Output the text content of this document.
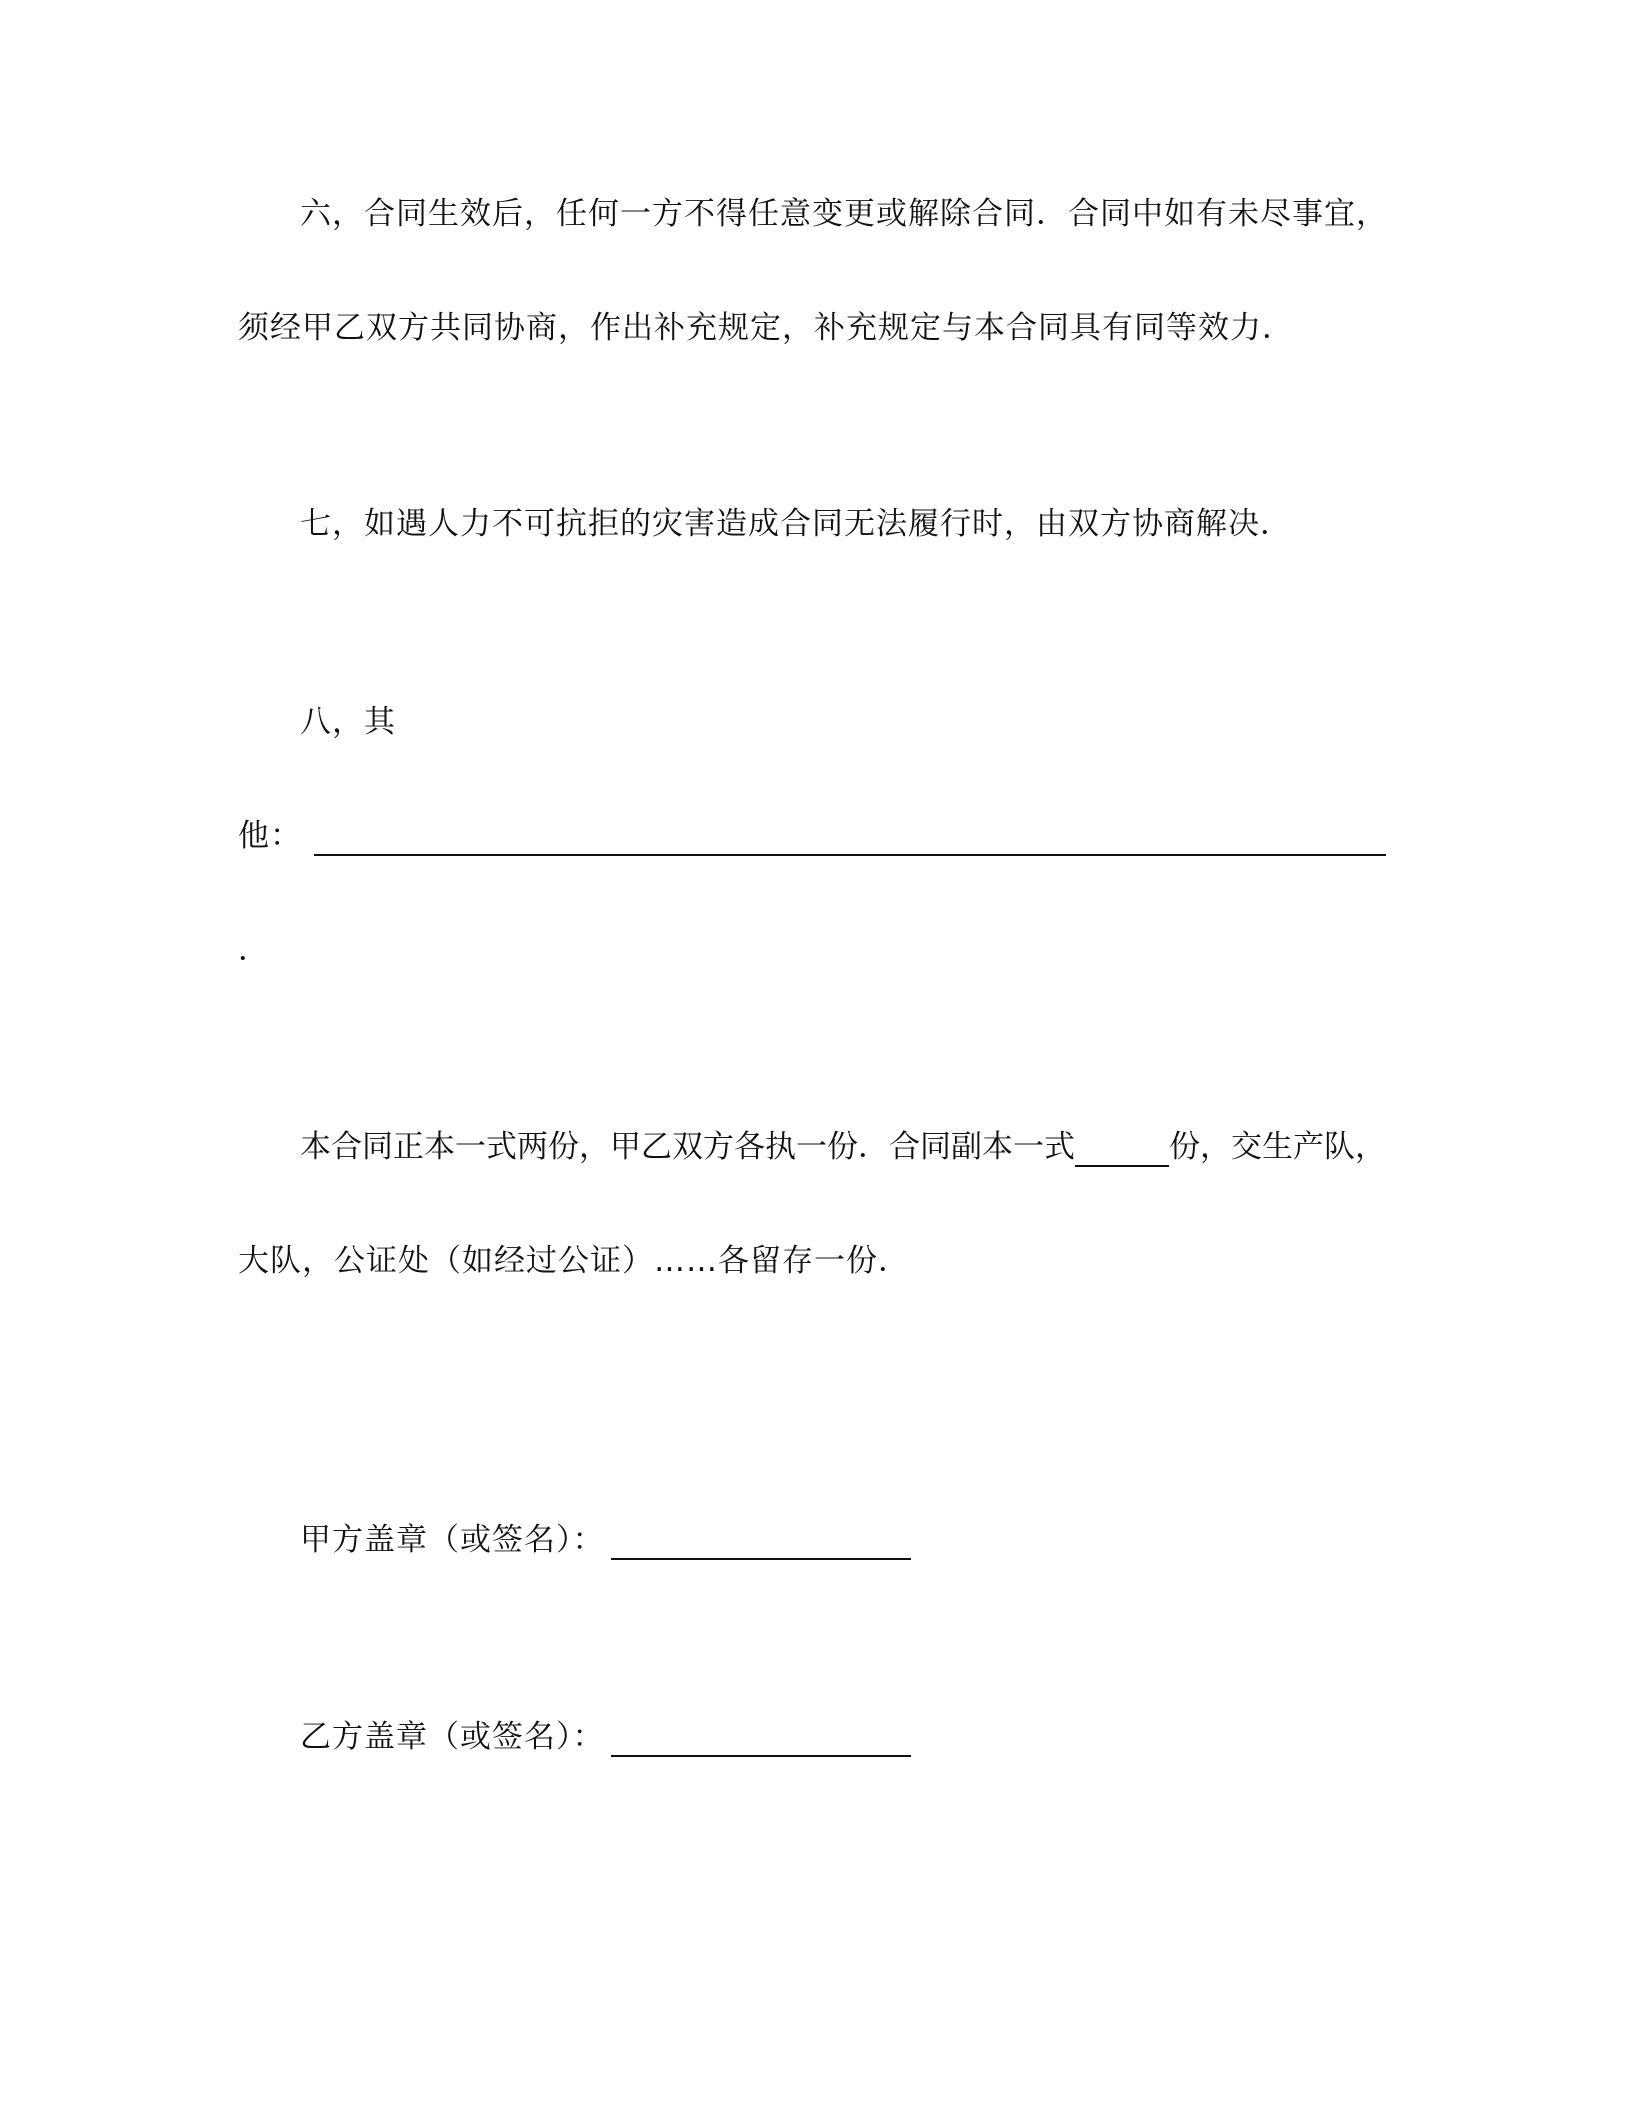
六，合同生效后，任何一方不得任意变更或解除合同．合同中如有未尽事宜，
须经甲乙双方共同协商，作出补充规定，补充规定与本合同具有同等效力．
七，如遇人力不可抗拒的灾害造成合同无法履行时，由双方协商解决．
八，其
他：
．
本合同正本一式两份，甲乙双方各执一份．合同副本一式	份，交生产队，
大队，公证处（如经过公证）……各留存一份．
甲方盖章（或签名）：
乙方盖章（或签名）：
